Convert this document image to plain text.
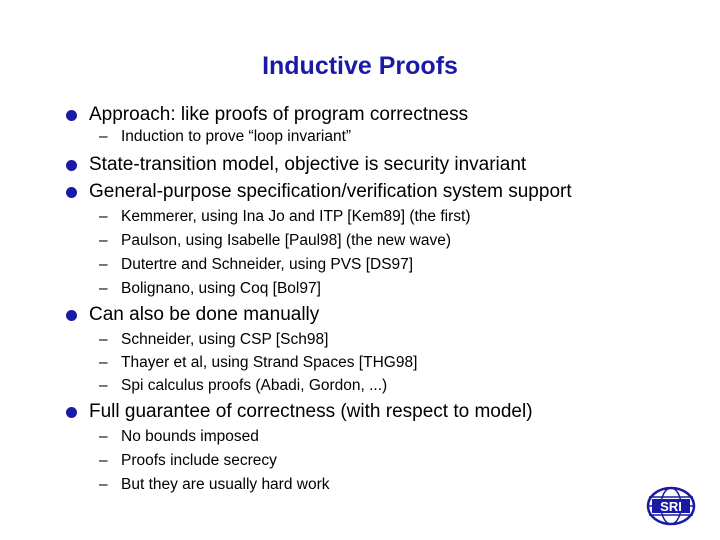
Inductive Proofs
Approach: like proofs of program correctness
– Induction to prove “loop invariant”
State-transition model, objective is security invariant
General-purpose specification/verification system support
– Kemmerer, using Ina Jo and ITP [Kem89] (the first)
– Paulson, using Isabelle [Paul98] (the new wave)
– Dutertre and Schneider, using PVS [DS97]
– Bolignano, using Coq [Bol97]
Can also be done manually
– Schneider, using CSP [Sch98]
– Thayer et al, using Strand Spaces [THG98]
– Spi calculus proofs (Abadi, Gordon, ...)
Full guarantee of correctness (with respect to model)
– No bounds imposed
– Proofs include secrecy
– But they are usually hard work
SRI
